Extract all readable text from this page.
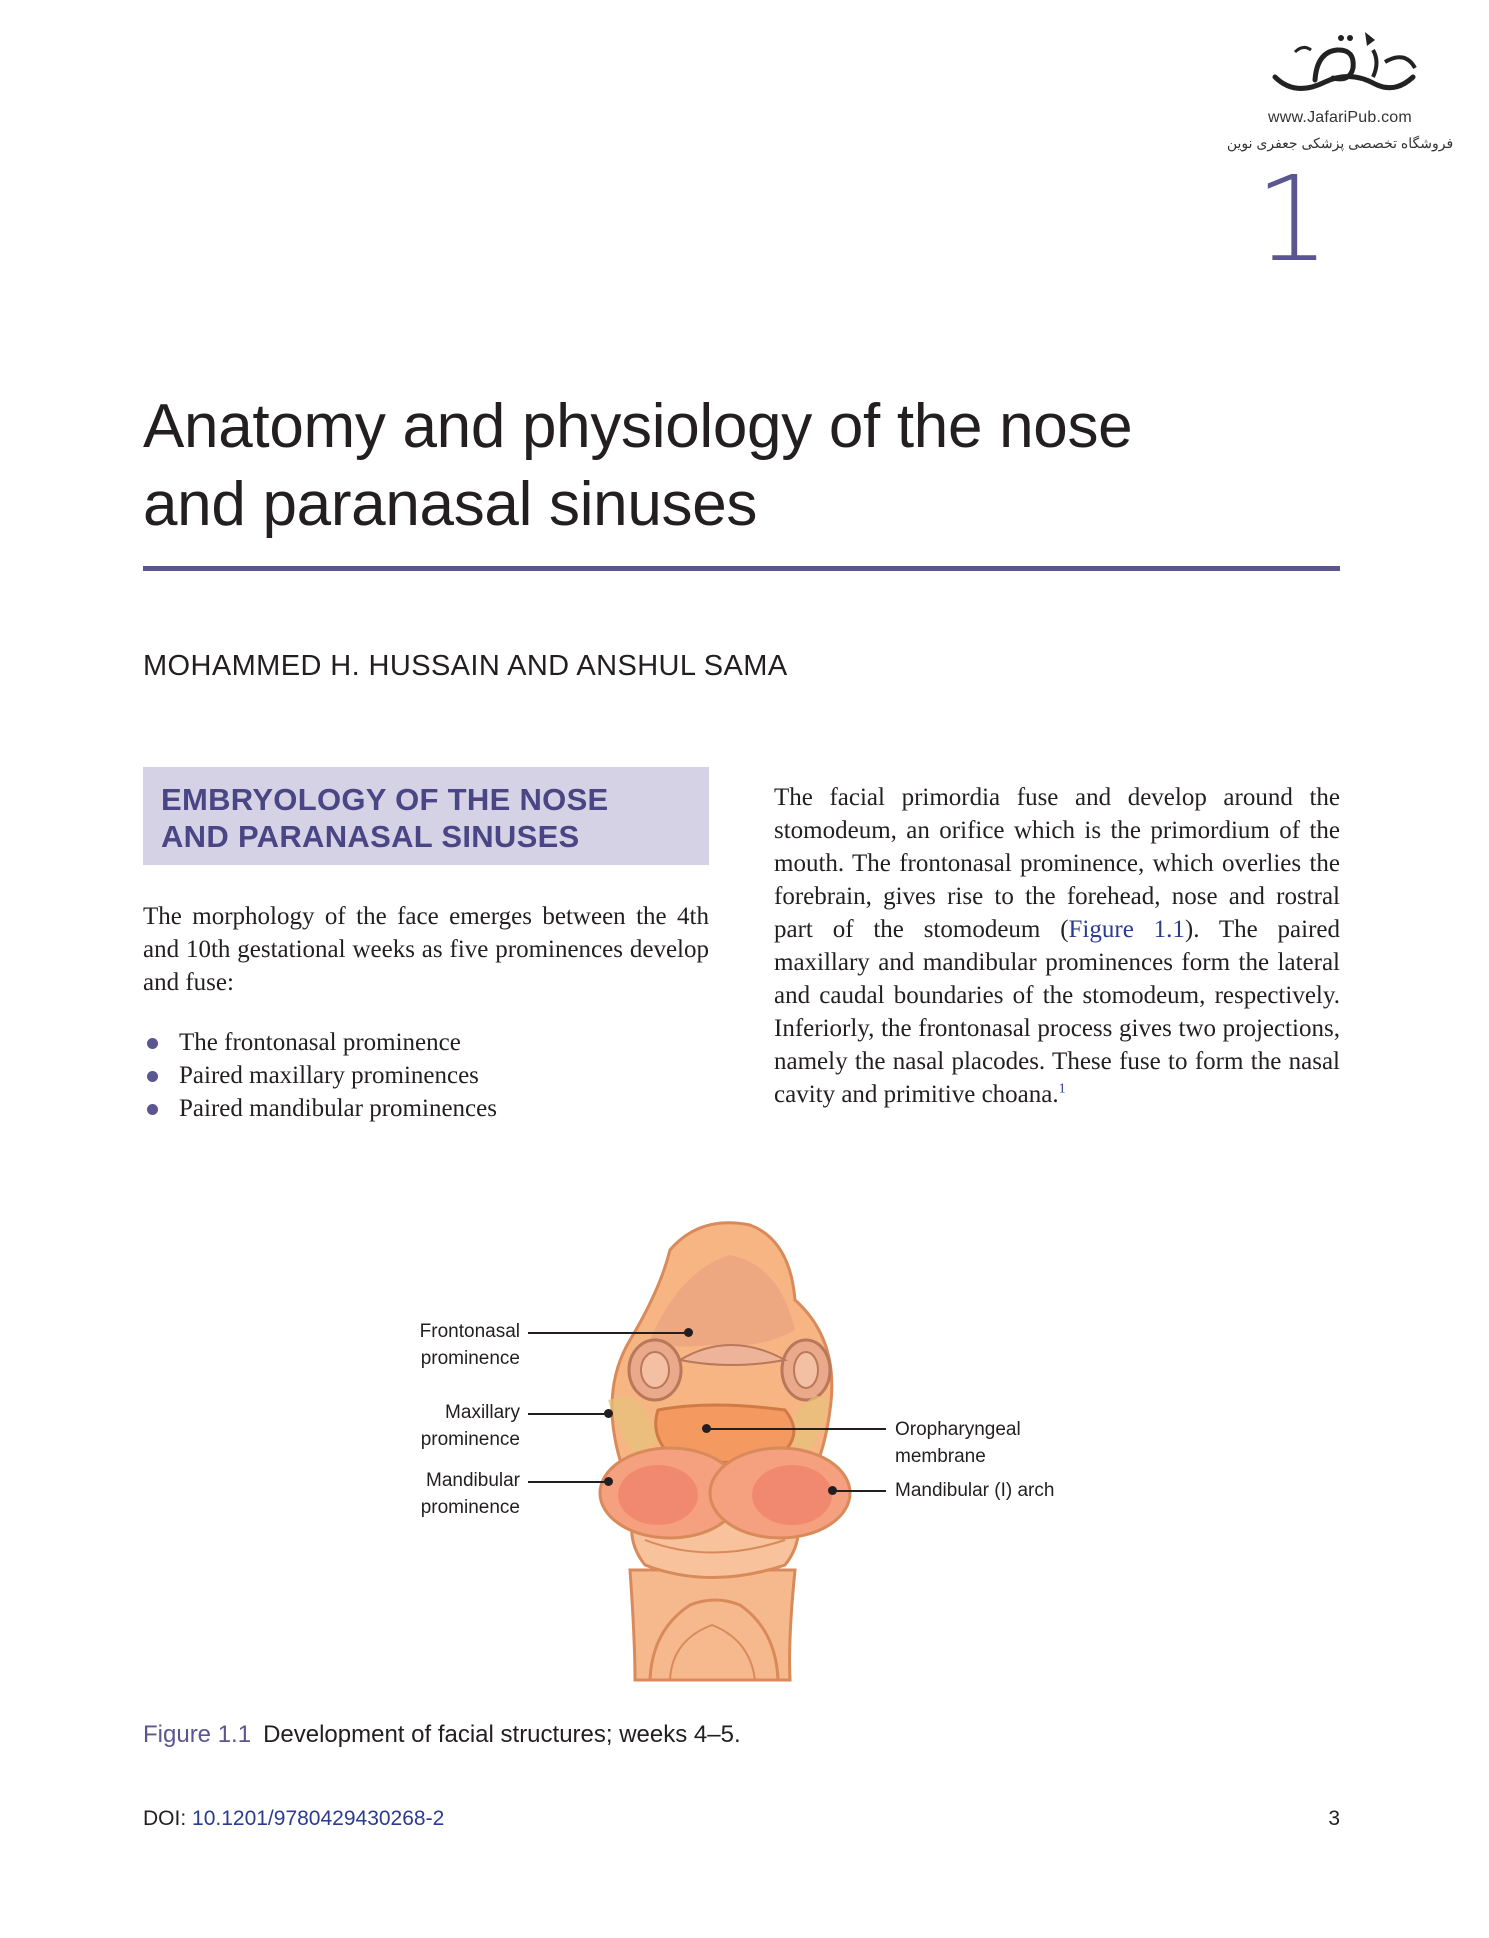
www.JafariPub.com
فروشگاه تخصصی پزشکی جعفری نوین
1
Anatomy and physiology of the nose
and paranasal sinuses
MOHAMMED H. HUSSAIN AND ANSHUL SAMA
EMBRYOLOGY OF THE NOSE
AND PARANASAL SINUSES
The morphology of the face emerges between the 4th and 10th gestational weeks as five prominences develop and fuse:
The frontonasal prominence
Paired maxillary prominences
Paired mandibular prominences
The facial primordia fuse and develop around the stomodeum, an orifice which is the primordium of the mouth. The frontonasal prominence, which overlies the forebrain, gives rise to the forehead, nose and rostral part of the stomodeum (Figure 1.1). The paired maxillary and mandibular prominences form the lateral and caudal boundaries of the stomodeum, respectively. Inferiorly, the frontonasal process gives two projections, namely the nasal placodes. These fuse to form the nasal cavity and primitive choana.$^1$
Frontonasal
prominence
Maxillary
prominence
Mandibular
prominence
Oropharyngeal
membrane
Mandibular (I) arch
Figure 1.1 Development of facial structures; weeks 4–5.
DOI: 10.1201/9780429430268-2	3
